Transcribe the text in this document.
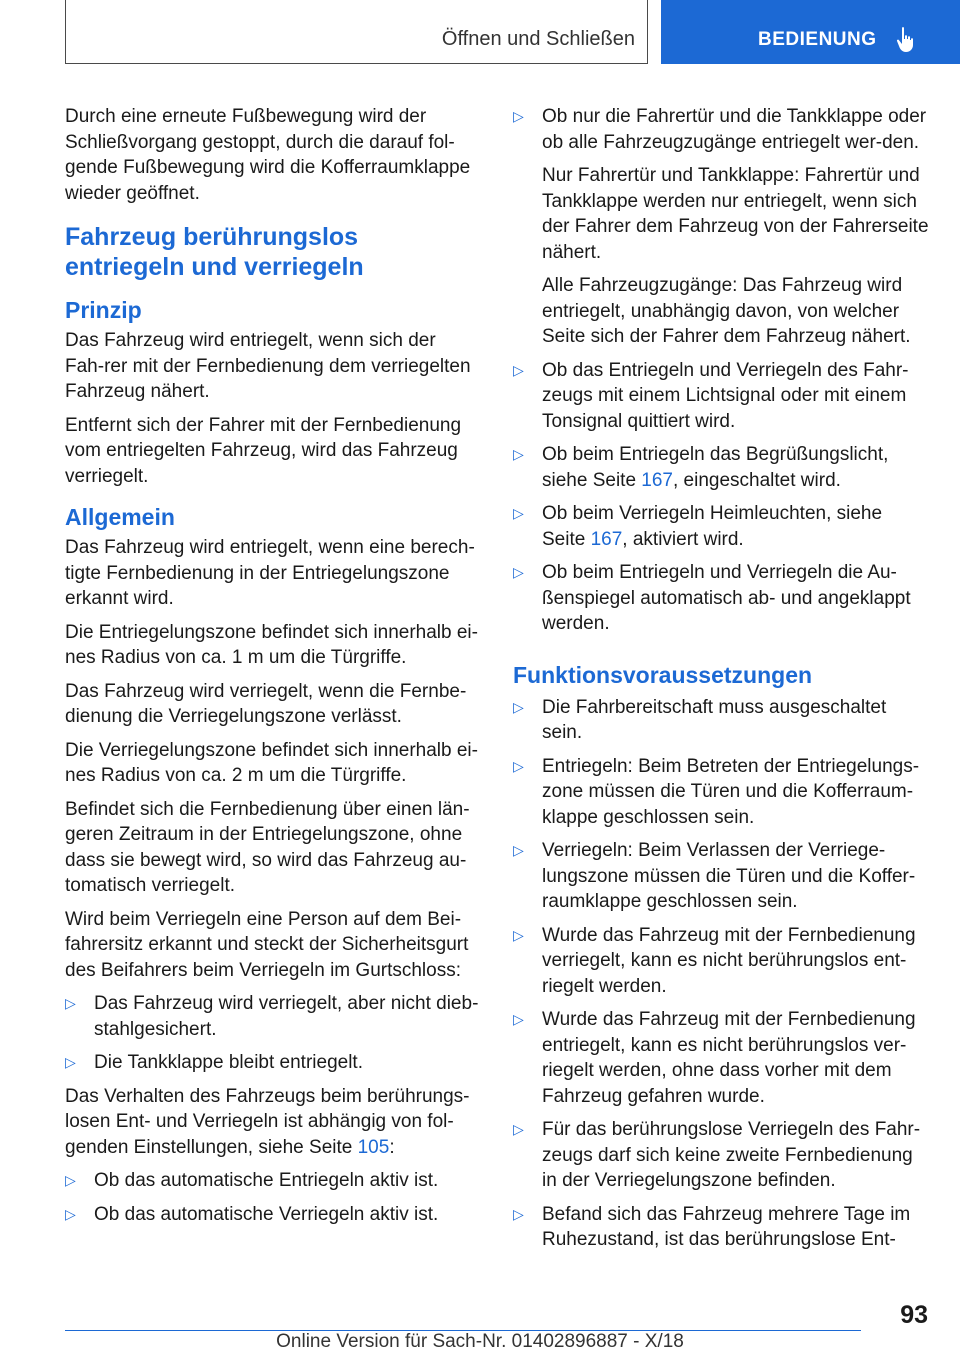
Öffnen und Schließen	BEDIENUNG

Durch eine erneute Fußbewegung wird der Schließvorgang gestoppt, durch die darauf fol-gende Fußbewegung wird die Kofferraumklappe wieder geöffnet.

Fahrzeug berührungslos entriegeln und verriegeln
Prinzip

Das Fahrzeug wird entriegelt, wenn sich der Fah-rer mit der Fernbedienung dem verriegelten Fahrzeug nähert.

Entfernt sich der Fahrer mit der Fernbedienung vom entriegelten Fahrzeug, wird das Fahrzeug verriegelt.

Allgemein

Das Fahrzeug wird entriegelt, wenn eine berech-tigte Fernbedienung in der Entriegelungszone erkannt wird.

Die Entriegelungszone befindet sich innerhalb ei-nes Radius von ca. 1 m um die Türgriffe.

Das Fahrzeug wird verriegelt, wenn die Fernbe-dienung die Verriegelungszone verlässt.

Die Verriegelungszone befindet sich innerhalb ei-nes Radius von ca. 2 m um die Türgriffe.

Befindet sich die Fernbedienung über einen län-geren Zeitraum in der Entriegelungszone, ohne dass sie bewegt wird, so wird das Fahrzeug au-tomatisch verriegelt.

Wird beim Verriegeln eine Person auf dem Bei-fahrersitz erkannt und steckt der Sicherheitsgurt des Beifahrers beim Verriegeln im Gurtschloss:

▷ Das Fahrzeug wird verriegelt, aber nicht dieb-stahlgesichert.
▷ Die Tankklappe bleibt entriegelt.

Das Verhalten des Fahrzeugs beim berührungs-losen Ent‐ und Verriegeln ist abhängig von fol-genden Einstellungen, siehe Seite 105:

▷ Ob das automatische Entriegeln aktiv ist.
▷ Ob das automatische Verriegeln aktiv ist.
▷ Ob nur die Fahrertür und die Tankklappe oder ob alle Fahrzeugzugänge entriegelt wer-den.

Nur Fahrertür und Tankklappe: Fahrertür und Tankklappe werden nur entriegelt, wenn sich der Fahrer dem Fahrzeug von der Fahrerseite nähert.

Alle Fahrzeugzugänge: Das Fahrzeug wird entriegelt, unabhängig davon, von welcher Seite sich der Fahrer dem Fahrzeug nähert.

▷ Ob das Entriegeln und Verriegeln des Fahr-zeugs mit einem Lichtsignal oder mit einem Tonsignal quittiert wird.
▷ Ob beim Entriegeln das Begrüßungslicht, siehe Seite 167, eingeschaltet wird.
▷ Ob beim Verriegeln Heimleuchten, siehe Seite 167, aktiviert wird.
▷ Ob beim Entriegeln und Verriegeln die Au-ßenspiegel automatisch ab- und angeklappt werden.
Funktionsvoraussetzungen
▷ Die Fahrbereitschaft muss ausgeschaltet sein.
▷ Entriegeln: Beim Betreten der Entriegelungs-zone müssen die Türen und die Kofferraum-klappe geschlossen sein.
▷ Verriegeln: Beim Verlassen der Verriege-lungszone müssen die Türen und die Koffer-raumklappe geschlossen sein.
▷ Wurde das Fahrzeug mit der Fernbedienung verriegelt, kann es nicht berührungslos ent-riegelt werden.
▷ Wurde das Fahrzeug mit der Fernbedienung entriegelt, kann es nicht berührungslos ver-riegelt werden, ohne dass vorher mit dem Fahrzeug gefahren wurde.
▷ Für das berührungslose Verriegeln des Fahr-zeugs darf sich keine zweite Fernbedienung in der Verriegelungszone befinden.
▷ Befand sich das Fahrzeug mehrere Tage im Ruhezustand, ist das berührungslose Ent-
93
Online Version für Sach-Nr. 01402896887 - X/18
